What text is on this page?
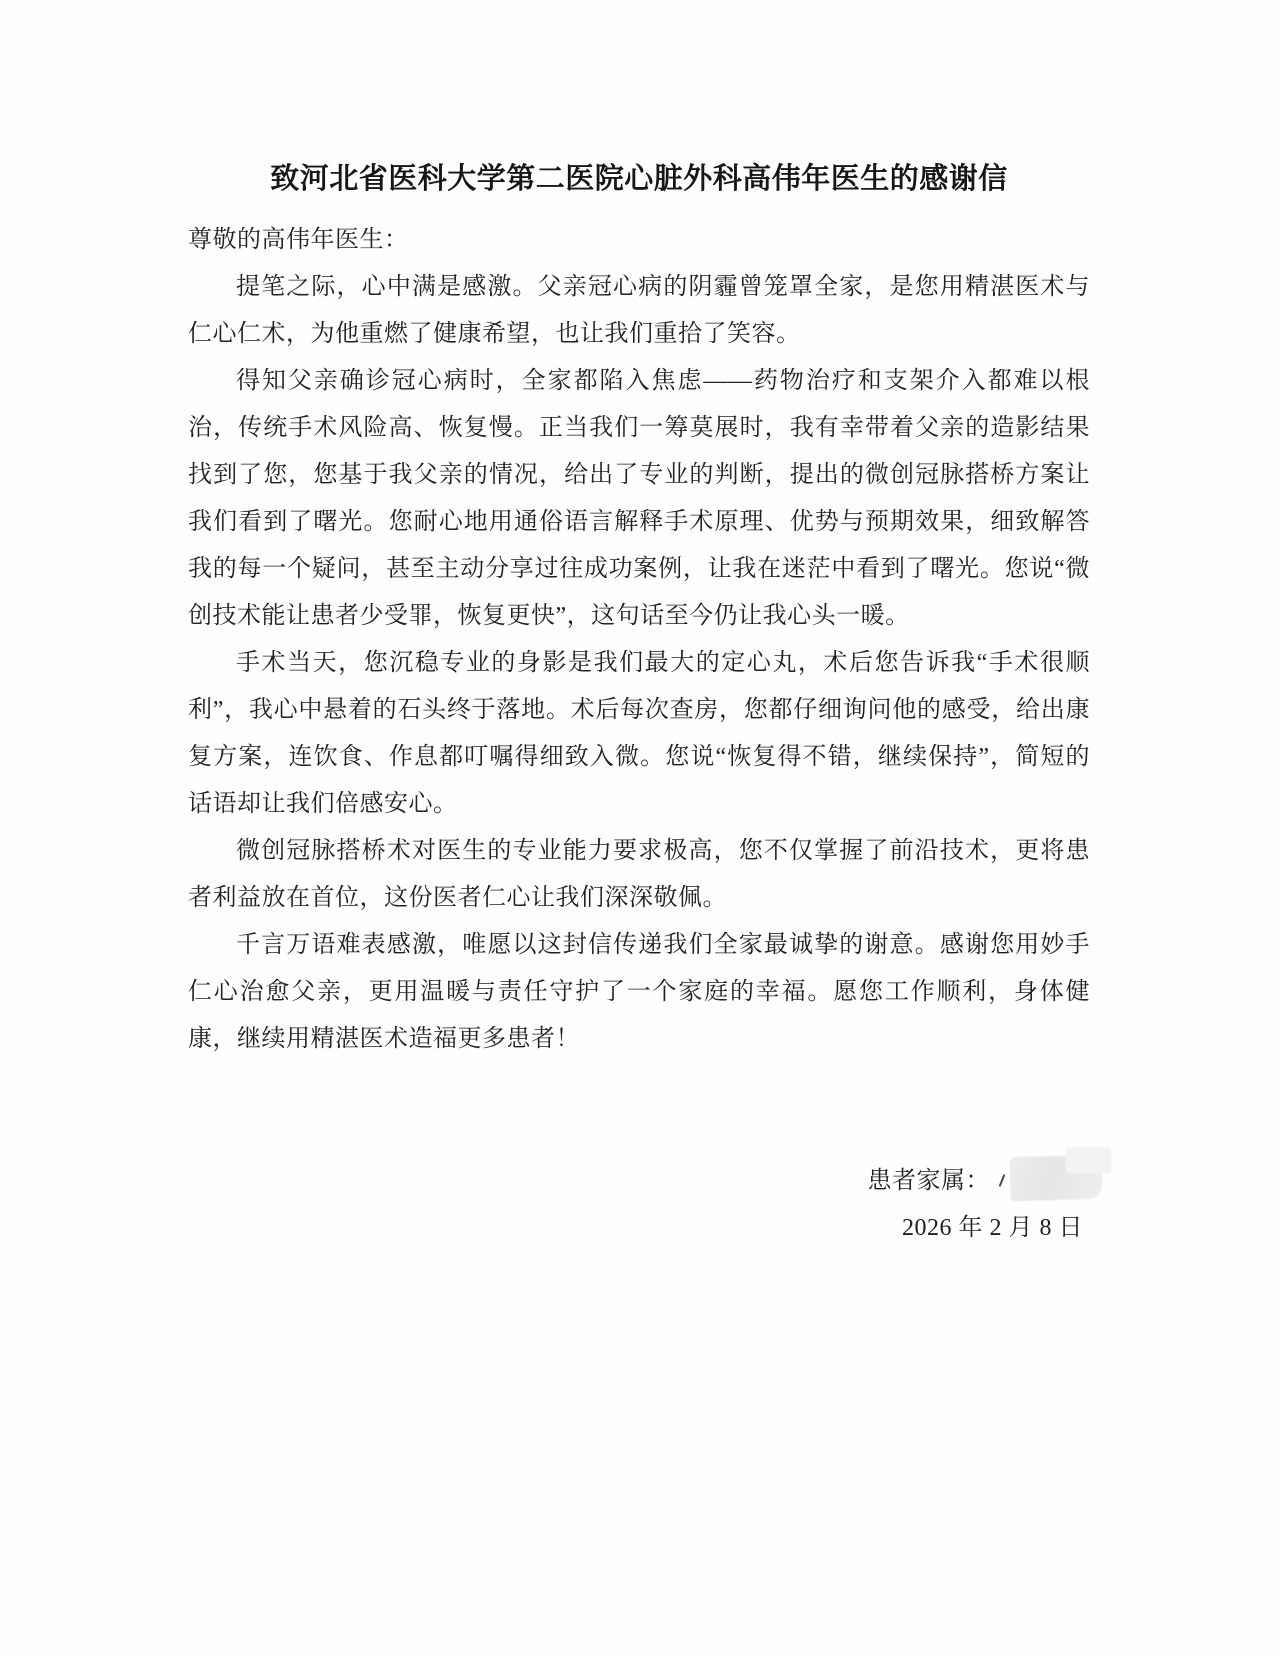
致河北省医科大学第二医院心脏外科高伟年医生的感谢信

尊敬的高伟年医生：

提笔之际，心中满是感激。父亲冠心病的阴霾曾笼罩全家，是您用精湛医术与仁心仁术，为他重燃了健康希望，也让我们重拾了笑容。

得知父亲确诊冠心病时，全家都陷入焦虑——药物治疗和支架介入都难以根治，传统手术风险高、恢复慢。正当我们一筹莫展时，我有幸带着父亲的造影结果找到了您，您基于我父亲的情况，给出了专业的判断，提出的微创冠脉搭桥方案让我们看到了曙光。您耐心地用通俗语言解释手术原理、优势与预期效果，细致解答我的每一个疑问，甚至主动分享过往成功案例，让我在迷茫中看到了曙光。您说“微创技术能让患者少受罪，恢复更快”，这句话至今仍让我心头一暖。

手术当天，您沉稳专业的身影是我们最大的定心丸，术后您告诉我“手术很顺利”，我心中悬着的石头终于落地。术后每次查房，您都仔细询问他的感受，给出康复方案，连饮食、作息都叮嘱得细致入微。您说“恢复得不错，继续保持”，简短的话语却让我们倍感安心。

微创冠脉搭桥术对医生的专业能力要求极高，您不仅掌握了前沿技术，更将患者利益放在首位，这份医者仁心让我们深深敬佩。

千言万语难表感激，唯愿以这封信传递我们全家最诚挚的谢意。感谢您用妙手仁心治愈父亲，更用温暖与责任守护了一个家庭的幸福。愿您工作顺利，身体健康，继续用精湛医术造福更多患者！

患者家属：
2026 年 2 月 8 日
